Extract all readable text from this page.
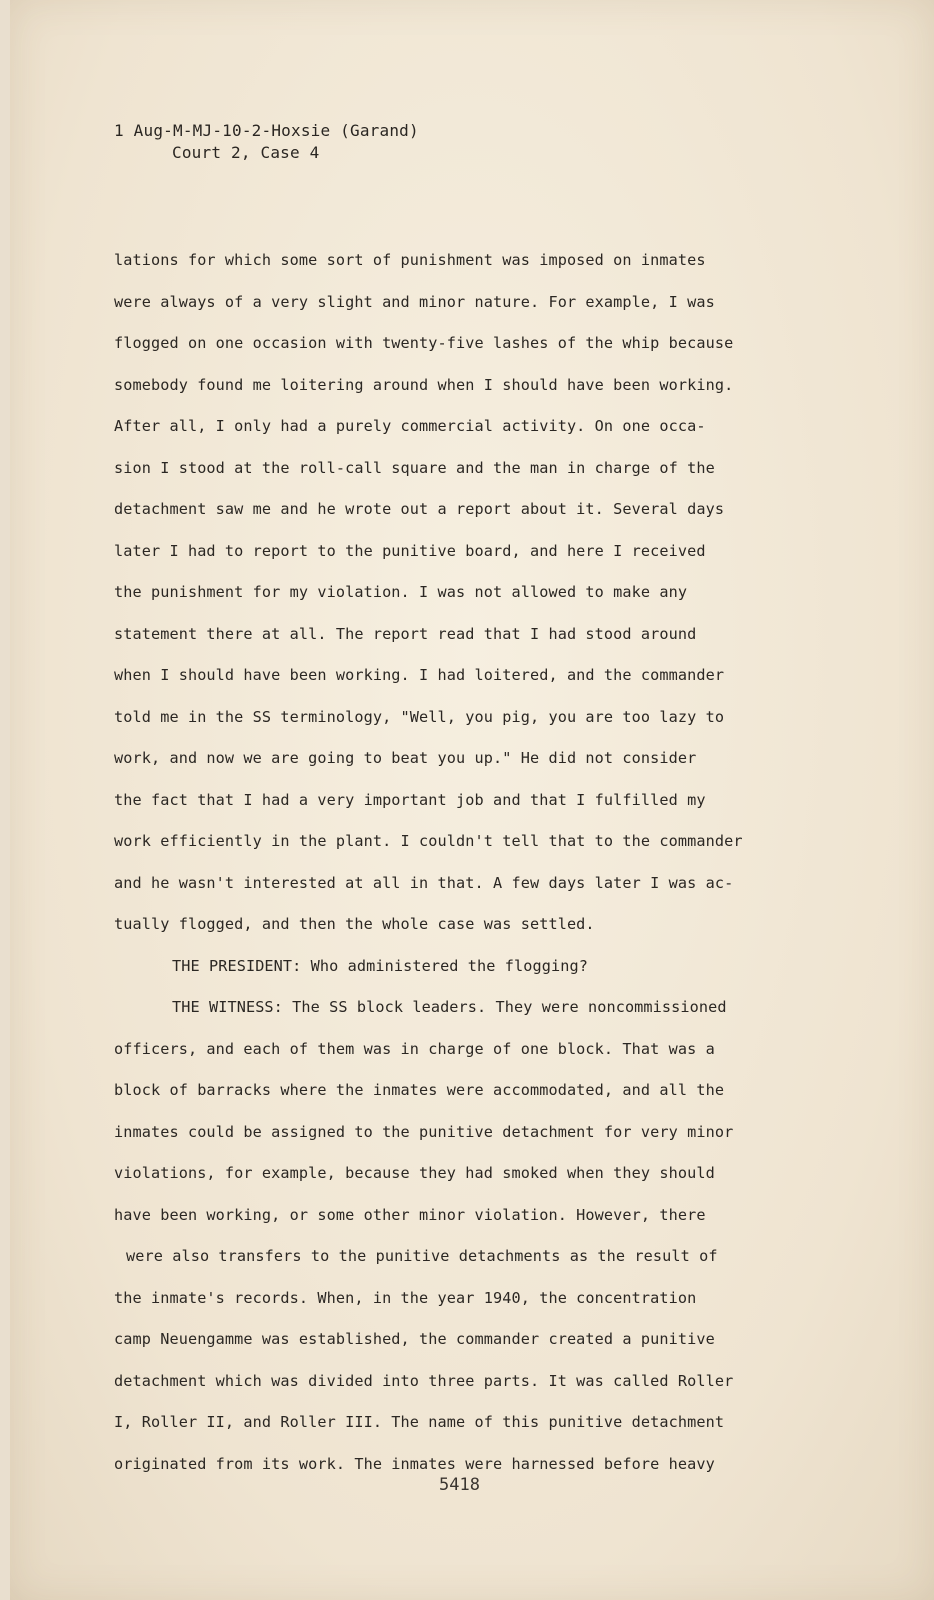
1 Aug-M-MJ-10-2-Hoxsie (Garand)
Court 2, Case 4
lations for which some sort of punishment was imposed on inmates
were always of a very slight and minor nature. For example, I was
flogged on one occasion with twenty-five lashes of the whip because
somebody found me loitering around when I should have been working.
After all, I only had a purely commercial activity. On one occa-
sion I stood at the roll-call square and the man in charge of the
detachment saw me and he wrote out a report about it. Several days
later I had to report to the punitive board, and here I received
the punishment for my violation. I was not allowed to make any
statement there at all. The report read that I had stood around
when I should have been working. I had loitered, and the commander
told me in the SS terminology, "Well, you pig, you are too lazy to
work, and now we are going to beat you up." He did not consider
the fact that I had a very important job and that I fulfilled my
work efficiently in the plant. I couldn't tell that to the commander
and he wasn't interested at all in that. A few days later I was ac-
tually flogged, and then the whole case was settled.
THE PRESIDENT: Who administered the flogging?
THE WITNESS: The SS block leaders. They were noncommissioned
officers, and each of them was in charge of one block. That was a
block of barracks where the inmates were accommodated, and all the
inmates could be assigned to the punitive detachment for very minor
violations, for example, because they had smoked when they should
have been working, or some other minor violation. However, there
were also transfers to the punitive detachments as the result of
the inmate's records. When, in the year 1940, the concentration
camp Neuengamme was established, the commander created a punitive
detachment which was divided into three parts. It was called Roller
I, Roller II, and Roller III. The name of this punitive detachment
originated from its work. The inmates were harnessed before heavy
5418
